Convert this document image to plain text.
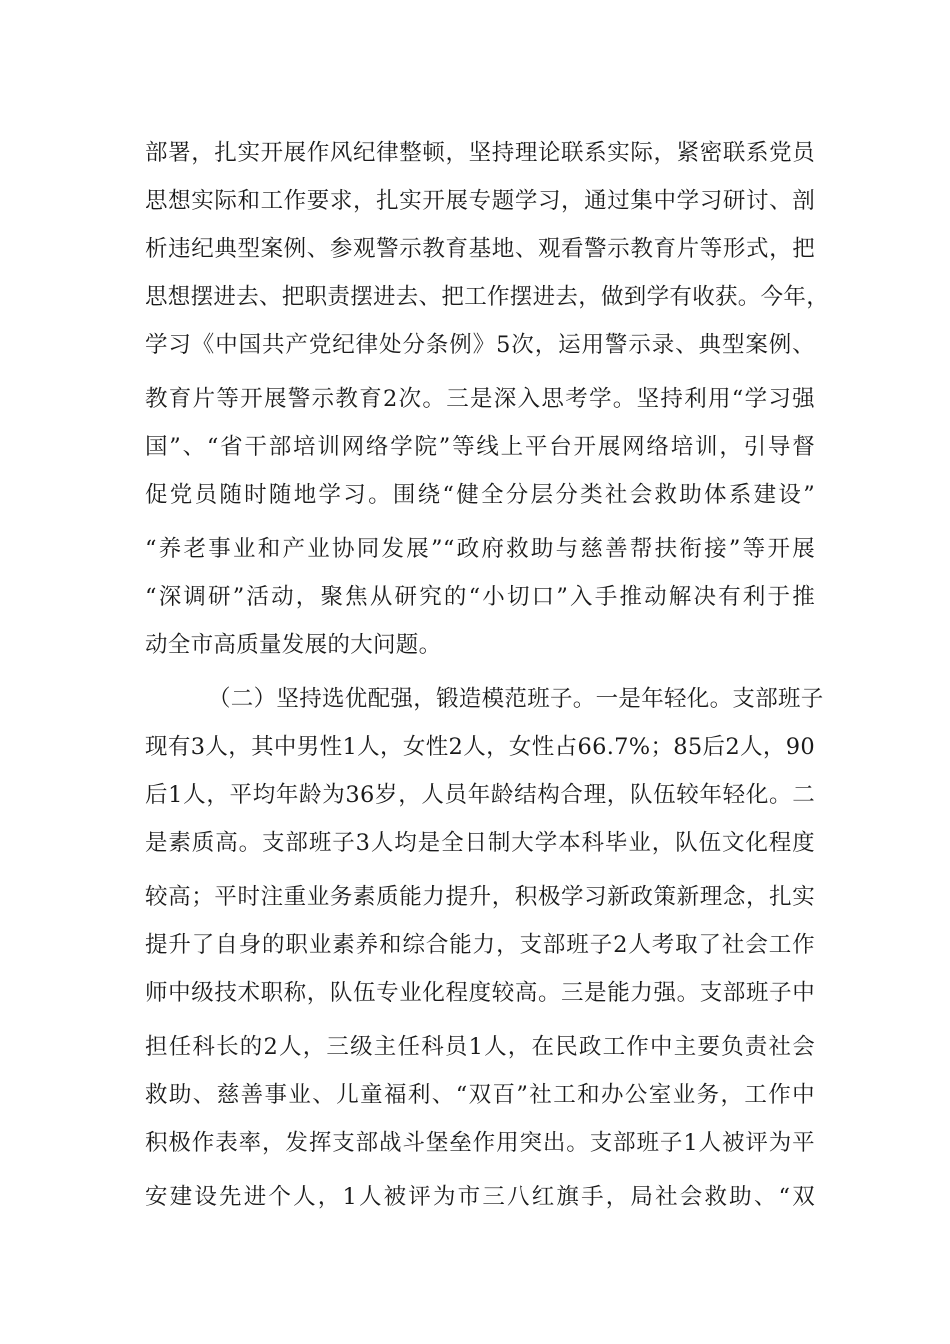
部署，扎实开展作风纪律整顿，坚持理论联系实际，紧密联系党员
思想实际和工作要求，扎实开展专题学习，通过集中学习研讨、剖
析违纪典型案例、参观警示教育基地、观看警示教育片等形式，把
思想摆进去、把职责摆进去、把工作摆进去，做到学有收获。今年，
学习《中国共产党纪律处分条例》5次，运用警示录、典型案例、
教育片等开展警示教育2次。三是深入思考学。坚持利用“学习强
国”、“省干部培训网络学院”等线上平台开展网络培训，引导督
促党员随时随地学习。围绕“健全分层分类社会救助体系建设”
“养老事业和产业协同发展”“政府救助与慈善帮扶衔接”等开展
“深调研”活动，聚焦从研究的“小切口”入手推动解决有利于推
动全市高质量发展的大问题。
（二）坚持选优配强，锻造模范班子。一是年轻化。支部班子
现有3人，其中男性1人，女性2人，女性占66.7%；85后2人，90
后1人，平均年龄为36岁，人员年龄结构合理，队伍较年轻化。二
是素质高。支部班子3人均是全日制大学本科毕业，队伍文化程度
较高；平时注重业务素质能力提升，积极学习新政策新理念，扎实
提升了自身的职业素养和综合能力，支部班子2人考取了社会工作
师中级技术职称，队伍专业化程度较高。三是能力强。支部班子中
担任科长的2人，三级主任科员1人，在民政工作中主要负责社会
救助、慈善事业、儿童福利、“双百”社工和办公室业务，工作中
积极作表率，发挥支部战斗堡垒作用突出。支部班子1人被评为平
安建设先进个人，1人被评为市三八红旗手，局社会救助、“双
